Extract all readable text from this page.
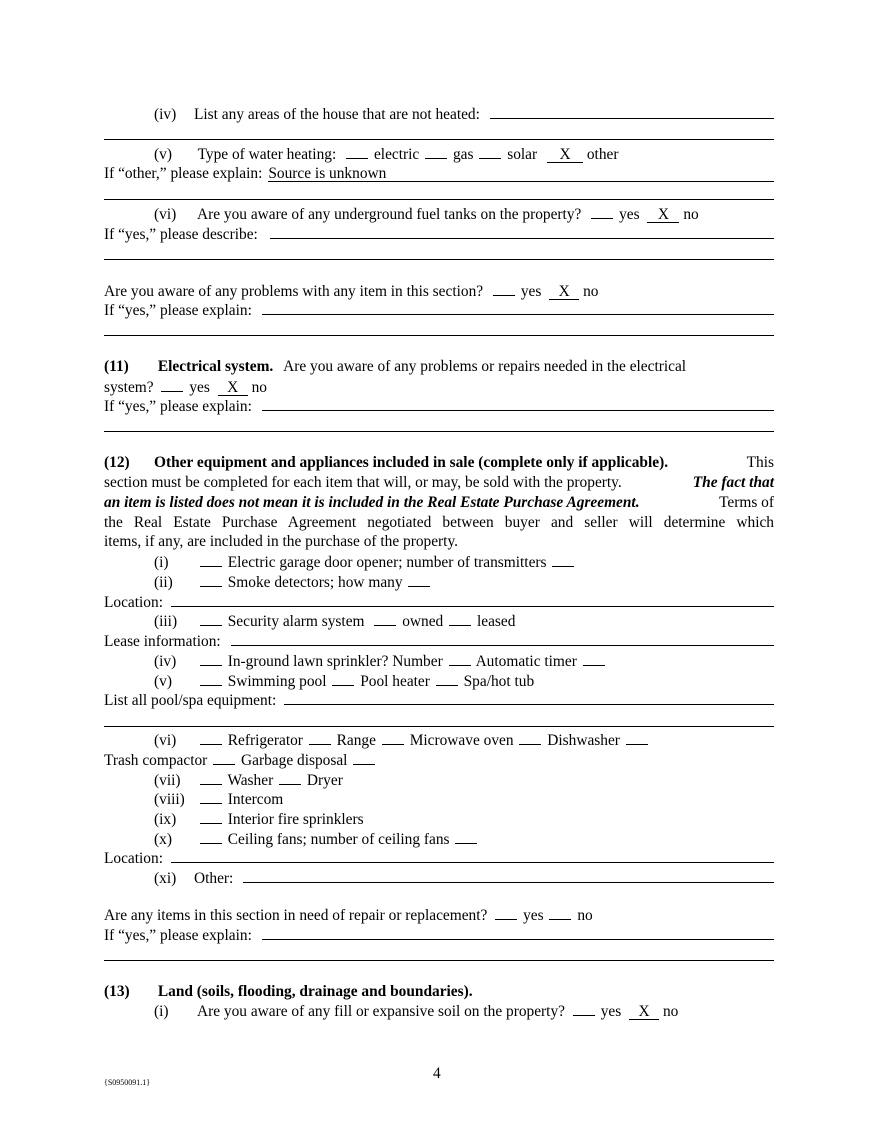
(iv)	List any areas of the house that are not heated:
(v) Type of water heating: electric gas solar X other
If “other,” please explain: Source is unknown
(vi) Are you aware of any underground fuel tanks on the property? yes X no
If “yes,” please describe:
Are you aware of any problems with any item in this section? yes X no
If “yes,” please explain:
(11) Electrical system. Are you aware of any problems or repairs needed in the electrical
system? yes X no
If “yes,” please explain:
(12) Other equipment and appliances included in sale (complete only if applicable).	This
section must be completed for each item that will, or may, be sold with the property.	The fact that
an item is listed does not mean it is included in the Real Estate Purchase Agreement.	Terms of
the Real Estate Purchase Agreement negotiated between buyer and seller will determine which
items, if any, are included in the purchase of the property.
(i)	Electric garage door opener; number of transmitters
(ii)	Smoke detectors; how many
Location:
(iii)	Security alarm system owned leased
Lease information:
(iv)	In-ground lawn sprinkler? Number Automatic timer
(v)	Swimming pool Pool heater Spa/hot tub
List all pool/spa equipment:
(vi)	Refrigerator Range Microwave oven Dishwasher
Trash compactor Garbage disposal
(vii)	Washer Dryer
(viii)	Intercom
(ix)	Interior fire sprinklers
(x)	Ceiling fans; number of ceiling fans
Location:
(xi)	Other:
Are any items in this section in need of repair or replacement? yes no
If “yes,” please explain:
(13) Land (soils, flooding, drainage and boundaries).
(i) Are you aware of any fill or expansive soil on the property? yes X no
{S0950091.1}
4
